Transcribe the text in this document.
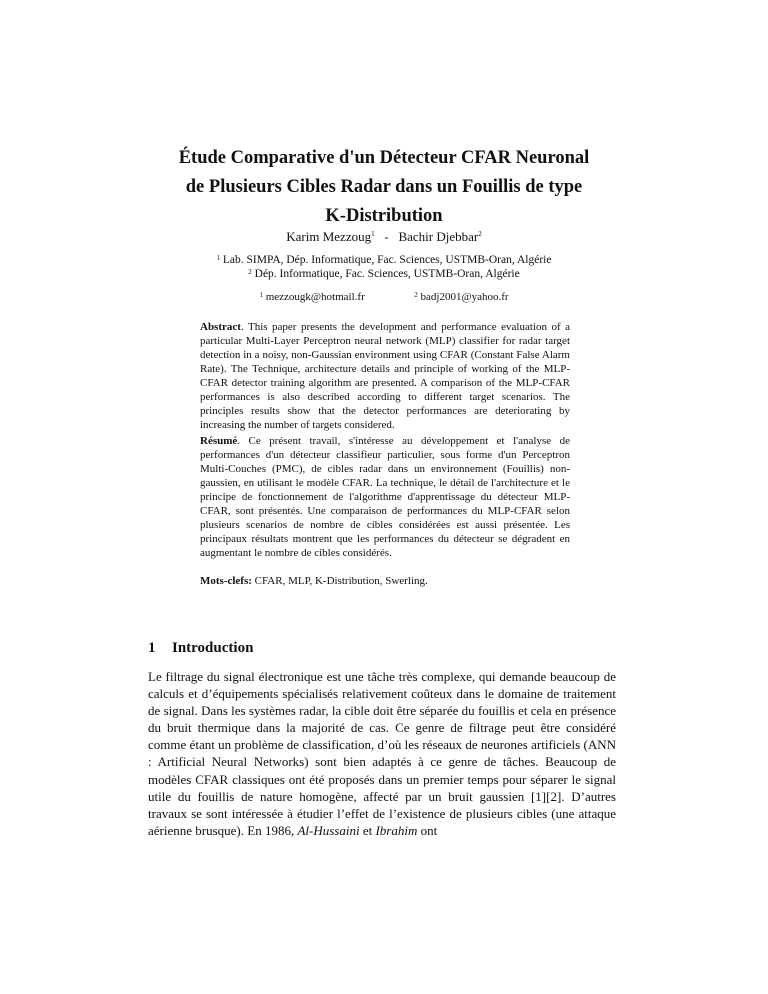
Étude Comparative d'un Détecteur CFAR Neuronal
de Plusieurs Cibles Radar dans un Fouillis de type
K-Distribution
Karim Mezzoug$^1$ - Bachir Djebbar$^2$
$^1$ Lab. SIMPA, Dép. Informatique, Fac. Sciences, USTMB-Oran, Algérie
$^2$ Dép. Informatique, Fac. Sciences, USTMB-Oran, Algérie
$^1$ mezzougk@hotmail.fr	$^2$ badj2001@yahoo.fr
Abstract. This paper presents the development and performance evaluation of a particular Multi-Layer Perceptron neural network (MLP) classifier for radar target detection in a noisy, non-Gaussian environment using CFAR (Constant False Alarm Rate). The Technique, architecture details and principle of working of the MLP-CFAR detector training algorithm are presented. A comparison of the MLP-CFAR performances is also described according to different target scenarios. The principles results show that the detector performances are deteriorating by increasing the number of targets considered.
Résumé. Ce présent travail, s'intéresse au développement et l'analyse de performances d'un détecteur classifieur particulier, sous forme d'un Perceptron Multi-Couches (PMC), de cibles radar dans un environnement (Fouillis) non-gaussien, en utilisant le modèle CFAR. La technique, le détail de l'architecture et le principe de fonctionnement de l'algorithme d'apprentissage du détecteur MLP-CFAR, sont présentés. Une comparaison de performances du MLP-CFAR selon plusieurs scenarios de nombre de cibles considérées est aussi présentée. Les principaux résultats montrent que les performances du détecteur se dégradent en augmentant le nombre de cibles considérés.
Mots-clefs: CFAR, MLP, K-Distribution, Swerling.
1 Introduction
Le filtrage du signal électronique est une tâche très complexe, qui demande beaucoup de calculs et d’équipements spécialisés relativement coûteux dans le domaine de traitement de signal. Dans les systèmes radar, la cible doit être séparée du fouillis et cela en présence du bruit thermique dans la majorité de cas. Ce genre de filtrage peut être considéré comme étant un problème de classification, d’où les réseaux de neurones artificiels (ANN : Artificial Neural Networks) sont bien adaptés à ce genre de tâches. Beaucoup de modèles CFAR classiques ont été proposés dans un premier temps pour séparer le signal utile du fouillis de nature homogène, affecté par un bruit gaussien [1][2]. D’autres travaux se sont intéressée à étudier l’effet de l’existence de plusieurs cibles (une attaque aérienne brusque). En 1986, Al-Hussaini et Ibrahim ont
